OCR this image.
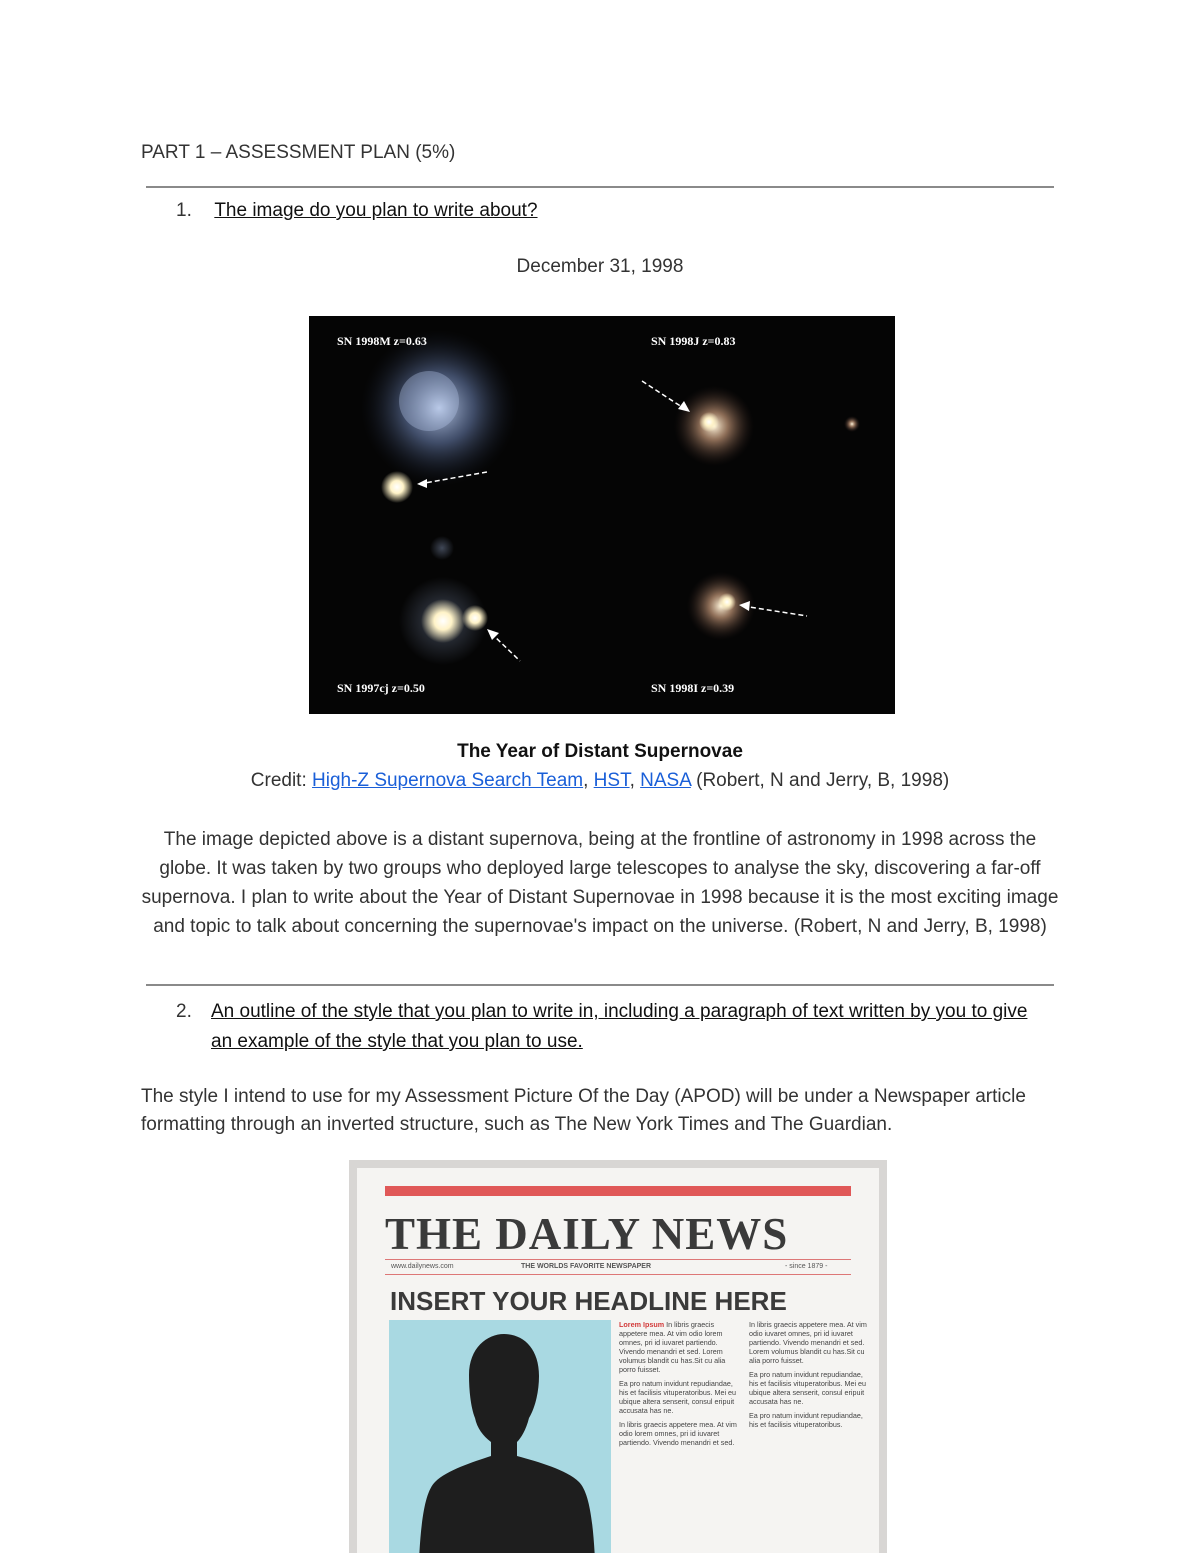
PART 1 – ASSESSMENT PLAN (5%)
1. The image do you plan to write about?
December 31, 1998
SN 1998M z=0.63	SN 1998J z=0.83
SN 1997cj z=0.50	SN 1998I z=0.39
The Year of Distant Supernovae
Credit: High-Z Supernova Search Team, HST, NASA (Robert, N and Jerry, B, 1998)
The image depicted above is a distant supernova, being at the frontline of astronomy in 1998 across the globe. It was taken by two groups who deployed large telescopes to analyse the sky, discovering a far-off supernova. I plan to write about the Year of Distant Supernovae in 1998 because it is the most exciting image and topic to talk about concerning the supernovae's impact on the universe. (Robert, N and Jerry, B, 1998)
2. An outline of the style that you plan to write in, including a paragraph of text written by you to give an example of the style that you plan to use.
The style I intend to use for my Assessment Picture Of the Day (APOD) will be under a Newspaper article formatting through an inverted structure, such as The New York Times and The Guardian.
THE DAILY NEWS
www.dailynews.com	THE WORLDS FAVORITE NEWSPAPER	- since 1879 -
INSERT YOUR HEADLINE HERE

Lorem Ipsum In libris graecis appetere mea. At vim odio lorem omnes, pri id iuvaret partiendo. Vivendo menandri et sed. Lorem volumus blandit cu has.Sit cu alia porro fuisset.

Ea pro natum invidunt repudiandae, his et facilisis vituperatoribus. Mei eu ubique altera senserit, consul eripuit accusata has ne.

In libris graecis appetere mea. At vim odio lorem omnes, pri id iuvaret partiendo. Vivendo menandri et sed.

In libris graecis appetere mea. At vim odio iuvaret omnes, pri id iuvaret partiendo. Vivendo menandri et sed. Lorem volumus blandit cu has.Sit cu alia porro fuisset.

Ea pro natum invidunt repudiandae, his et facilisis vituperatoribus. Mei eu ubique altera senserit, consul eripuit accusata has ne.

Ea pro natum invidunt repudiandae, his et facilisis vituperatoribus.
